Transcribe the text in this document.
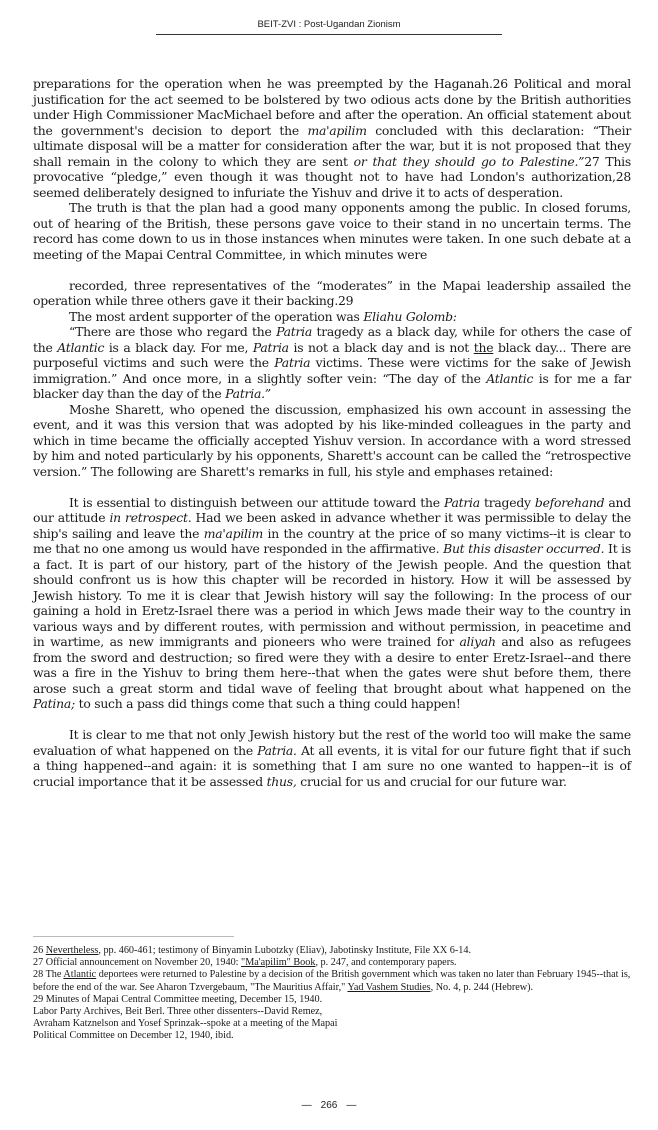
BEIT-ZVI : Post-Ugandan Zionism

preparations for the operation when he was preempted by the Haganah.26 Political and moral justification for the act seemed to be bolstered by two odious acts done by the British authorities under High Commissioner MacMichael before and after the operation. An official statement about the government's decision to deport the ma'apilim concluded with this declaration: “Their ultimate disposal will be a matter for consideration after the war, but it is not proposed that they shall remain in the colony to which they are sent or that they should go to Palestine.”27 This provocative “pledge,” even though it was thought not to have had London's authorization,28 seemed deliberately designed to infuriate the Yishuv and drive it to acts of desperation.

The truth is that the plan had a good many opponents among the public. In closed forums, out of hearing of the British, these persons gave voice to their stand in no uncertain terms. The record has come down to us in those instances when minutes were taken. In one such debate at a meeting of the Mapai Central Committee, in which minutes were

recorded, three representatives of the “moderates” in the Mapai leadership assailed the operation while three others gave it their backing.29

The most ardent supporter of the operation was Eliahu Golomb:

“There are those who regard the Patria tragedy as a black day, while for others the case of the Atlantic is a black day. For me, Patria is not a black day and is not the black day... There are purposeful victims and such were the Patria victims. These were victims for the sake of Jewish immigration.” And once more, in a slightly softer vein: “The day of the Atlantic is for me a far blacker day than the day of the Patria.”

Moshe Sharett, who opened the discussion, emphasized his own account in assessing the event, and it was this version that was adopted by his like-minded colleagues in the party and which in time became the officially accepted Yishuv version. In accordance with a word stressed by him and noted particularly by his opponents, Sharett's account can be called the “retrospective version.” The following are Sharett's remarks in full, his style and emphases retained:

It is essential to distinguish between our attitude toward the Patria tragedy beforehand and our attitude in retrospect. Had we been asked in advance whether it was permissible to delay the ship's sailing and leave the ma'apilim in the country at the price of so many victims--it is clear to me that no one among us would have responded in the affirmative. But this disaster occurred. It is a fact. It is part of our history, part of the history of the Jewish people. And the question that should confront us is how this chapter will be recorded in history. How it will be assessed by Jewish history. To me it is clear that Jewish history will say the following: In the process of our gaining a hold in Eretz-Israel there was a period in which Jews made their way to the country in various ways and by different routes, with permission and without permission, in peacetime and in wartime, as new immigrants and pioneers who were trained for aliyah and also as refugees from the sword and destruction; so fired were they with a desire to enter Eretz-Israel--and there was a fire in the Yishuv to bring them here--that when the gates were shut before them, there arose such a great storm and tidal wave of feeling that brought about what happened on the Patina; to such a pass did things come that such a thing could happen!

It is clear to me that not only Jewish history but the rest of the world too will make the same evaluation of what happened on the Patria. At all events, it is vital for our future fight that if such a thing happened--and again: it is something that I am sure no one wanted to happen--it is of crucial importance that it be assessed thus, crucial for us and crucial for our future war.

26 Nevertheless, pp. 460-461; testimony of Binyamin Lubotzky (Eliav), Jabotinsky Institute, File XX 6-14.

27 Official announcement on November 20, 1940: "Ma'apilim" Book, p. 247, and contemporary papers.

28 The Atlantic deportees were returned to Palestine by a decision of the British government which was taken no later than February 1945--that is, before the end of the war. See Aharon Tzvergebaum, "The Mauritius Affair," Yad Vashem Studies, No. 4, p. 244 (Hebrew).

29 Minutes of Mapai Central Committee meeting, December 15, 1940. Labor Party Archives, Beit Berl. Three other dissenters--David Remez, Avraham Katznelson and Yosef Sprinzak--spoke at a meeting of the Mapai Political Committee on December 12, 1940, ibid.

— 266 —
